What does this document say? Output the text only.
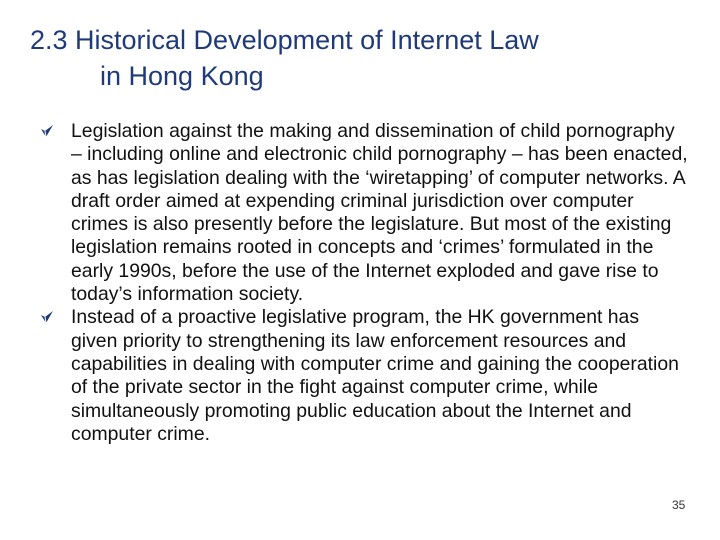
2.3 Historical Development of Internet Law
in Hong Kong
Legislation against the making and dissemination of child pornography – including online and electronic child pornography – has been enacted, as has legislation dealing with the ‘wiretapping’ of computer networks. A draft order aimed at expending criminal jurisdiction over computer crimes is also presently before the legislature. But most of the existing legislation remains rooted in concepts and ‘crimes’ formulated in the early 1990s, before the use of the Internet exploded and gave rise to today’s information society.
Instead of a proactive legislative program, the HK government has given priority to strengthening its law enforcement resources and capabilities in dealing with computer crime and gaining the cooperation of the private sector in the fight against computer crime, while simultaneously promoting public education about the Internet and computer crime.
35
